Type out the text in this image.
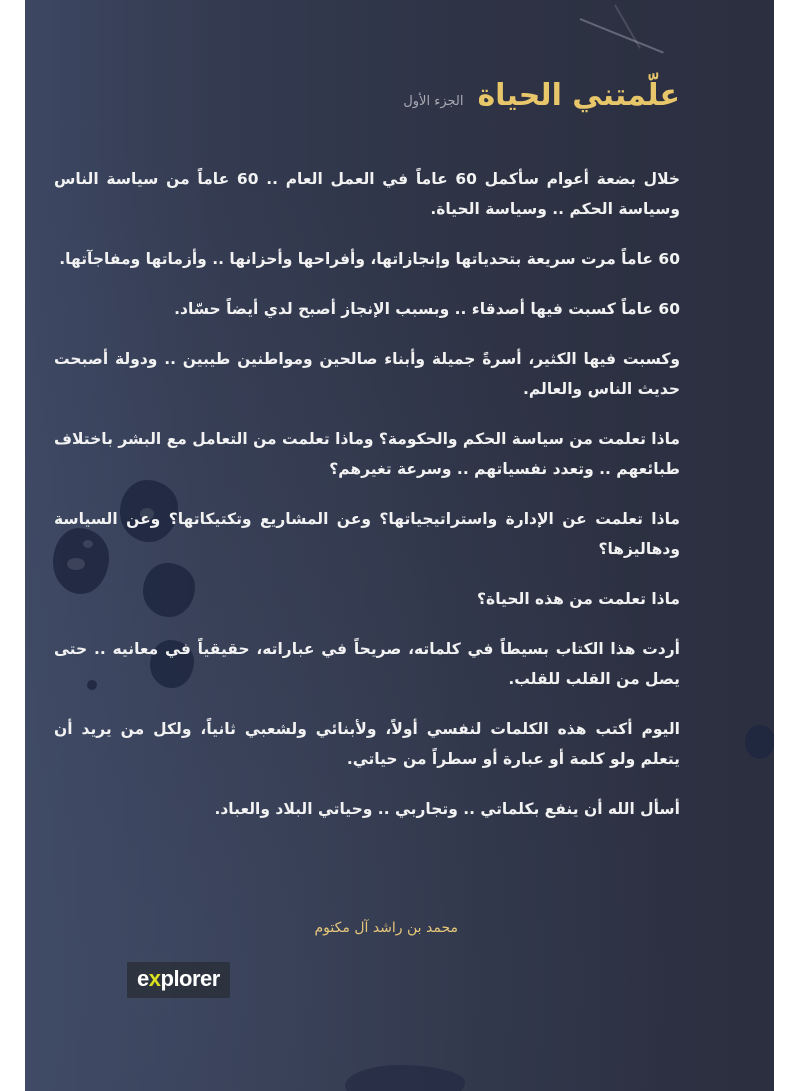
علّمتني الحياة
الجزء الأول

خلال بضعة أعوام سأكمل 60 عاماً في العمل العام .. 60 عاماً من سياسة الناس وسياسة الحكم .. وسياسة الحياة.

60 عاماً مرت سريعة بتحدياتها وإنجازاتها، وأفراحها وأحزانها .. وأزماتها ومفاجآتها.

60 عاماً كسبت فيها أصدقاء .. وبسبب الإنجاز أصبح لدي أيضاً حسّاد.

وكسبت فيها الكثير، أسرةً جميلة وأبناء صالحين ومواطنين طيبين .. ودولة أصبحت حديث الناس والعالم.

ماذا تعلمت من سياسة الحكم والحكومة؟ وماذا تعلمت من التعامل مع البشر باختلاف طبائعهم .. وتعدد نفسياتهم .. وسرعة تغيرهم؟

ماذا تعلمت عن الإدارة واستراتيجياتها؟ وعن المشاريع وتكتيكاتها؟ وعن السياسة ودهاليزها؟

ماذا تعلمت من هذه الحياة؟

أردت هذا الكتاب بسيطاً في كلماته، صريحاً في عباراته، حقيقياً في معانيه .. حتى يصل من القلب للقلب.

اليوم أكتب هذه الكلمات لنفسي أولاً، ولأبنائي ولشعبي ثانياً، ولكل من يريد أن يتعلم ولو كلمة أو عبارة أو سطراً من حياتي.

أسأل الله أن ينفع بكلماتي .. وتجاربي .. وحياتي البلاد والعباد.

محمد بن راشد آل مكتوم
explorer
